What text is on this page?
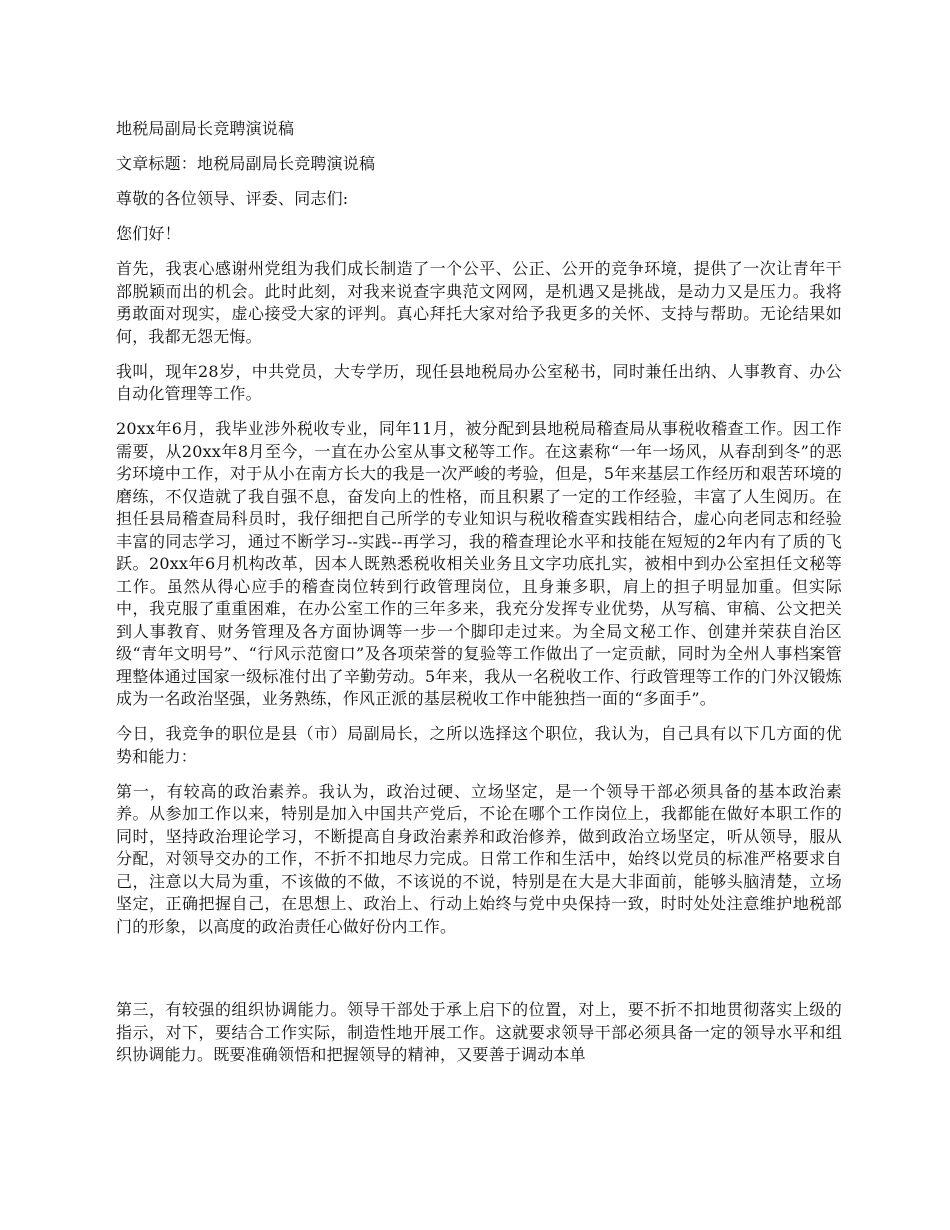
地税局副局长竞聘演说稿

文章标题：地税局副局长竞聘演说稿

尊敬的各位领导、评委、同志们:

您们好！

首先，我衷心感谢州党组为我们成长制造了一个公平、公正、公开的竞争环境，提供了一次让青年干部脱颖而出的机会。此时此刻，对我来说查字典范文网网，是机遇又是挑战，是动力又是压力。我将勇敢面对现实，虚心接受大家的评判。真心拜托大家对给予我更多的关怀、支持与帮助。无论结果如何，我都无怨无悔。

我叫，现年28岁，中共党员，大专学历，现任县地税局办公室秘书，同时兼任出纳、人事教育、办公自动化管理等工作。

20xx年6月，我毕业涉外税收专业，同年11月，被分配到县地税局稽查局从事税收稽查工作。因工作需要，从20xx年8月至今，一直在办公室从事文秘等工作。在这素称“一年一场风，从春刮到冬”的恶劣环境中工作，对于从小在南方长大的我是一次严峻的考验，但是，5年来基层工作经历和艰苦环境的磨练，不仅造就了我自强不息，奋发向上的性格，而且积累了一定的工作经验，丰富了人生阅历。在担任县局稽查局科员时，我仔细把自己所学的专业知识与税收稽查实践相结合，虚心向老同志和经验丰富的同志学习，通过不断学习--实践--再学习，我的稽查理论水平和技能在短短的2年内有了质的飞跃。20xx年6月机构改革，因本人既熟悉税收相关业务且文字功底扎实，被相中到办公室担任文秘等工作。虽然从得心应手的稽查岗位转到行政管理岗位，且身兼多职，肩上的担子明显加重。但实际中，我克服了重重困难，在办公室工作的三年多来，我充分发挥专业优势，从写稿、审稿、公文把关到人事教育、财务管理及各方面协调等一步一个脚印走过来。为全局文秘工作、创建并荣获自治区级“青年文明号”、“行风示范窗口”及各项荣誉的复验等工作做出了一定贡献，同时为全州人事档案管理整体通过国家一级标准付出了辛勤劳动。5年来，我从一名税收工作、行政管理等工作的门外汉锻炼成为一名政治坚强，业务熟练，作风正派的基层税收工作中能独挡一面的“多面手”。

今日，我竞争的职位是县（市）局副局长，之所以选择这个职位，我认为，自己具有以下几方面的优势和能力：

第一，有较高的政治素养。我认为，政治过硬、立场坚定，是一个领导干部必须具备的基本政治素养。从参加工作以来，特别是加入中国共产党后，不论在哪个工作岗位上，我都能在做好本职工作的同时，坚持政治理论学习，不断提高自身政治素养和政治修养，做到政治立场坚定，听从领导，服从分配，对领导交办的工作，不折不扣地尽力完成。日常工作和生活中，始终以党员的标准严格要求自己，注意以大局为重，不该做的不做，不该说的不说，特别是在大是大非面前，能够头脑清楚，立场坚定，正确把握自己，在思想上、政治上、行动上始终与党中央保持一致，时时处处注意维护地税部门的形象，以高度的政治责任心做好份内工作。

第三，有较强的组织协调能力。领导干部处于承上启下的位置，对上，要不折不扣地贯彻落实上级的指示，对下，要结合工作实际，制造性地开展工作。这就要求领导干部必须具备一定的领导水平和组织协调能力。既要准确领悟和把握领导的精神，又要善于调动本单
